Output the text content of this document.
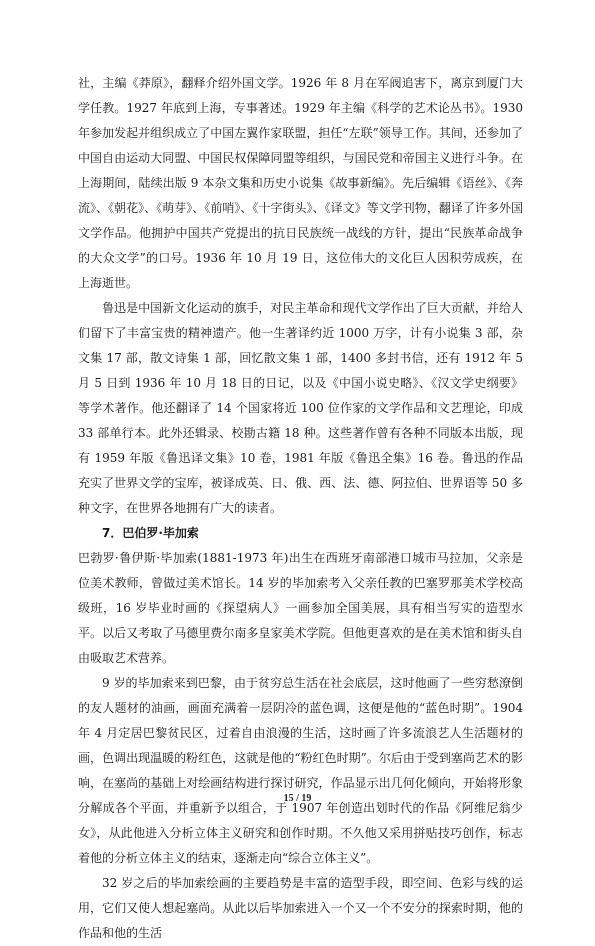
社，主编《莽原》，翻释介绍外国文学。1926 年 8 月在军阀追害下，离京到厦门大学任教。1927 年底到上海，专事著述。1929 年主编《科学的艺术论丛书》。1930 年参加发起并组织成立了中国左翼作家联盟，担任“左联”领导工作。其间，还参加了中国自由运动大同盟、中国民权保障同盟等组织，与国民党和帝国主义进行斗争。在上海期间，陆续出版 9 本杂文集和历史小说集《故事新编》。先后编辑《语丝》、《奔流》、《朝花》、《萌芽》、《前哨》、《十字街头》、《译文》等文学刊物，翻译了许多外国文学作品。他拥护中国共产党提出的抗日民族统一战线的方针，提出“民族革命战争的大众文学”的口号。1936 年 10 月 19 日，这位伟大的文化巨人因积劳成疾，在上海逝世。

鲁迅是中国新文化运动的旗手，对民主革命和现代文学作出了巨大贡献，并给人们留下了丰富宝贵的精神遗产。他一生著译约近 1000 万字，计有小说集 3 部，杂文集 17 部，散文诗集 1 部，回忆散文集 1 部，1400 多封书信，还有 1912 年 5 月 5 日到 1936 年 10 月 18 日的日记，以及《中国小说史略》、《汉文学史纲要》等学术著作。他还翻译了 14 个国家将近 100 位作家的文学作品和文艺理论，印成 33 部单行本。此外还辑录、校勘古籍 18 种。这些著作曾有各种不同版本出版，现有 1959 年版《鲁迅译文集》10 卷，1981 年版《鲁迅全集》16 卷。鲁迅的作品充实了世界文学的宝库，被译成英、日、俄、西、法、德、阿拉伯、世界语等 50 多种文字，在世界各地拥有广大的读者。

7．巴伯罗·毕加索

巴勃罗·鲁伊斯·毕加索(1881-1973 年)出生在西班牙南部港口城市马拉加，父亲是位美术教师，曾做过美术馆长。14 岁的毕加索考入父亲任教的巴塞罗那美术学校高级班，16 岁毕业时画的《探望病人》一画参加全国美展，具有相当写实的造型水平。以后又考取了马德里费尔南多皇家美术学院。但他更喜欢的是在美术馆和街头自由吸取艺术营养。

9 岁的毕加索来到巴黎，由于贫穷总生活在社会底层，这时他画了一些穷愁潦倒的友人题材的油画，画面充满着一层阴冷的蓝色调，这便是他的“蓝色时期”。1904 年 4 月定居巴黎贫民区，过着自由浪漫的生活，这时画了许多流浪艺人生活题材的画，色调出现温暖的粉红色，这就是他的“粉红色时期”。尔后由于受到塞尚艺术的影响，在塞尚的基础上对绘画结构进行探讨研究，作品显示出几何化倾向，开始将形象分解成各个平面，并重新予以组合，于 1907 年创造出划时代的作品《阿维尼翁少女》，从此他进入分析立体主义研究和创作时期。不久他又采用拼贴技巧创作，标志着他的分析立体主义的结束，逐渐走向“综合立体主义”。

32 岁之后的毕加索绘画的主要趋势是丰富的造型手段，即空间、色彩与线的运用，它们又使人想起塞尚。从此以后毕加索进入一个又一个不安分的探索时期，他的作品和他的生活

15 / 19
